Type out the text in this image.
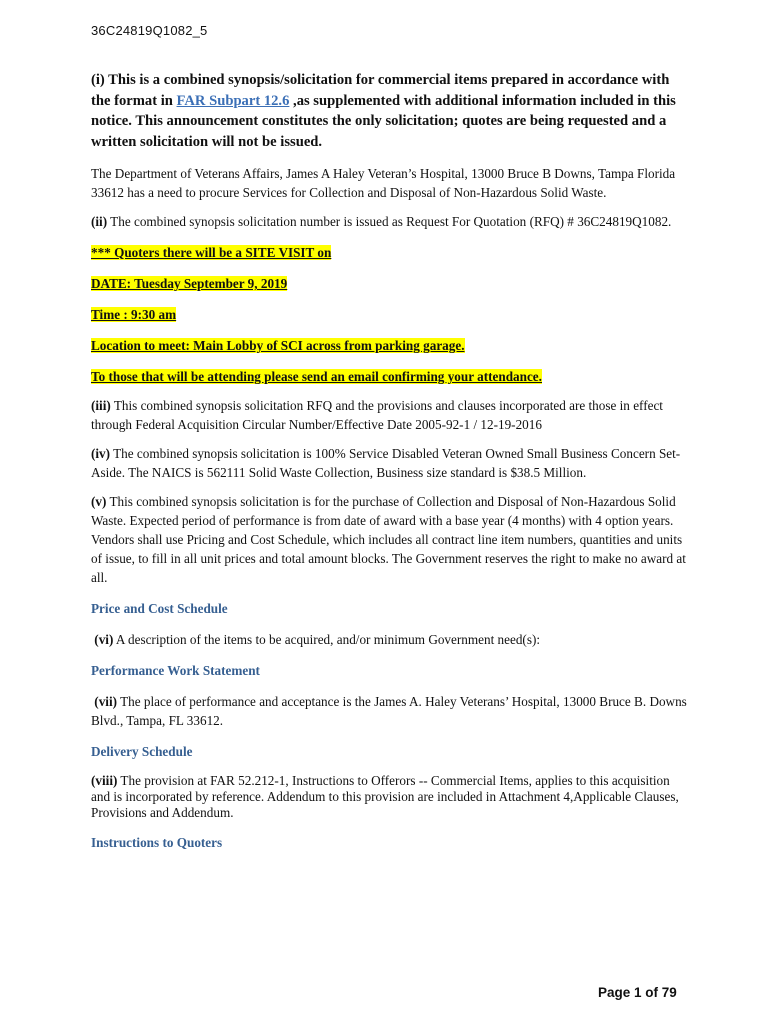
36C24819Q1082_5

(i) This is a combined synopsis/solicitation for commercial items prepared in accordance with the format in FAR Subpart 12.6 ,as supplemented with additional information included in this notice. This announcement constitutes the only solicitation; quotes are being requested and a written solicitation will not be issued.

The Department of Veterans Affairs, James A Haley Veteran’s Hospital, 13000 Bruce B Downs, Tampa Florida 33612 has a need to procure Services for Collection and Disposal of Non-Hazardous Solid Waste.

(ii) The combined synopsis solicitation number is issued as Request For Quotation (RFQ) # 36C24819Q1082.

*** Quoters there will be a SITE VISIT on

DATE: Tuesday September 9, 2019

Time : 9:30 am

Location to meet: Main Lobby of SCI across from parking garage.

To those that will be attending please send an email confirming your attendance.

(iii) This combined synopsis solicitation RFQ and the provisions and clauses incorporated are those in effect through Federal Acquisition Circular Number/Effective Date 2005-92-1 / 12-19-2016

(iv) The combined synopsis solicitation is 100% Service Disabled Veteran Owned Small Business Concern Set-Aside. The NAICS is 562111 Solid Waste Collection, Business size standard is $38.5 Million.

(v) This combined synopsis solicitation is for the purchase of Collection and Disposal of Non-Hazardous Solid Waste. Expected period of performance is from date of award with a base year (4 months) with 4 option years. Vendors shall use Pricing and Cost Schedule, which includes all contract line item numbers, quantities and units of issue, to fill in all unit prices and total amount blocks. The Government reserves the right to make no award at all.

Price and Cost Schedule

(vi) A description of the items to be acquired, and/or minimum Government need(s):

Performance Work Statement

(vii) The place of performance and acceptance is the James A. Haley Veterans’ Hospital, 13000 Bruce B. Downs Blvd., Tampa, FL 33612.

Delivery Schedule

(viii) The provision at FAR 52.212-1, Instructions to Offerors -- Commercial Items, applies to this acquisition and is incorporated by reference. Addendum to this provision are included in Attachment 4,Applicable Clauses, Provisions and Addendum.

Instructions to Quoters

Page 1 of 79
